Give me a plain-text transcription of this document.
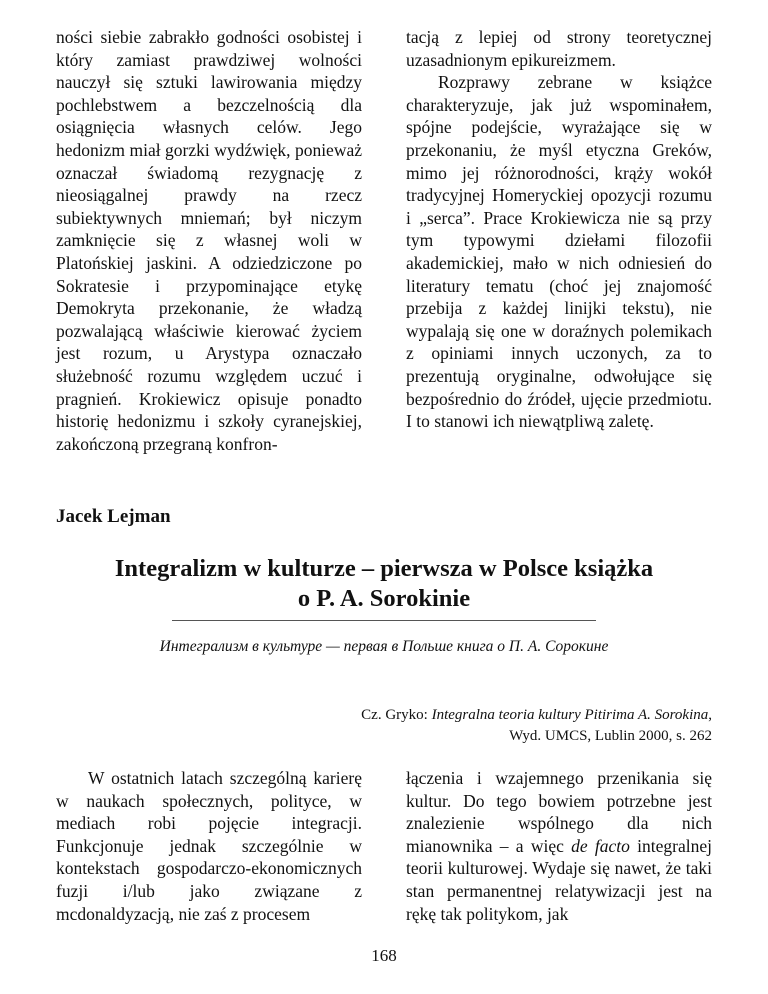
ności siebie zabrakło godności osobistej i który zamiast prawdziwej wolności nauczył się sztuki lawirowania między pochlebstwem a bezczelnością dla osiągnięcia własnych celów. Jego hedonizm miał gorzki wydźwięk, ponieważ oznaczał świadomą rezygnację z nieosiągalnej prawdy na rzecz subiektywnych mniemań; był niczym zamknięcie się z własnej woli w Platońskiej jaskini. A odziedziczone po Sokratesie i przypominające etykę Demokryta przekonanie, że władzą pozwalającą właściwie kierować życiem jest rozum, u Arystypa oznaczało służebność rozumu względem uczuć i pragnień. Krokiewicz opisuje ponadto historię hedonizmu i szkoły cyranejskiej, zakończoną przegraną konfron-

tacją z lepiej od strony teoretycznej uzasadnionym epikureizmem.

Rozprawy zebrane w książce charakteryzuje, jak już wspominałem, spójne podejście, wyrażające się w przekonaniu, że myśl etyczna Greków, mimo jej różnorodności, krąży wokół tradycyjnej Homeryckiej opozycji rozumu i „serca”. Prace Krokiewicza nie są przy tym typowymi dziełami filozofii akademickiej, mało w nich odniesień do literatury tematu (choć jej znajomość przebija z każdej linijki tekstu), nie wypalają się one w doraźnych polemikach z opiniami innych uczonych, za to prezentują oryginalne, odwołujące się bezpośrednio do źródeł, ujęcie przedmiotu. I to stanowi ich niewątpliwą zaletę.

Jacek Lejman
Integralizm w kulturze – pierwsza w Polsce książka
o P. A. Sorokinie
Интегрализм в культуре — первая в Польше книга о П. А. Сорокине
Cz. Gryko: Integralna teoria kultury Pitirima A. Sorokina,
Wyd. UMCS, Lublin 2000, s. 262

W ostatnich latach szczególną karierę w naukach społecznych, polityce, w mediach robi pojęcie integracji. Funkcjonuje jednak szczególnie w kontekstach gospodarczo-ekonomicznych fuzji i/lub jako związane z mcdonaldyzacją, nie zaś z procesem

łączenia i wzajemnego przenikania się kultur. Do tego bowiem potrzebne jest znalezienie wspólnego dla nich mianownika – a więc de facto integralnej teorii kulturowej. Wydaje się nawet, że taki stan permanentnej relatywizacji jest na rękę tak politykom, jak

168
